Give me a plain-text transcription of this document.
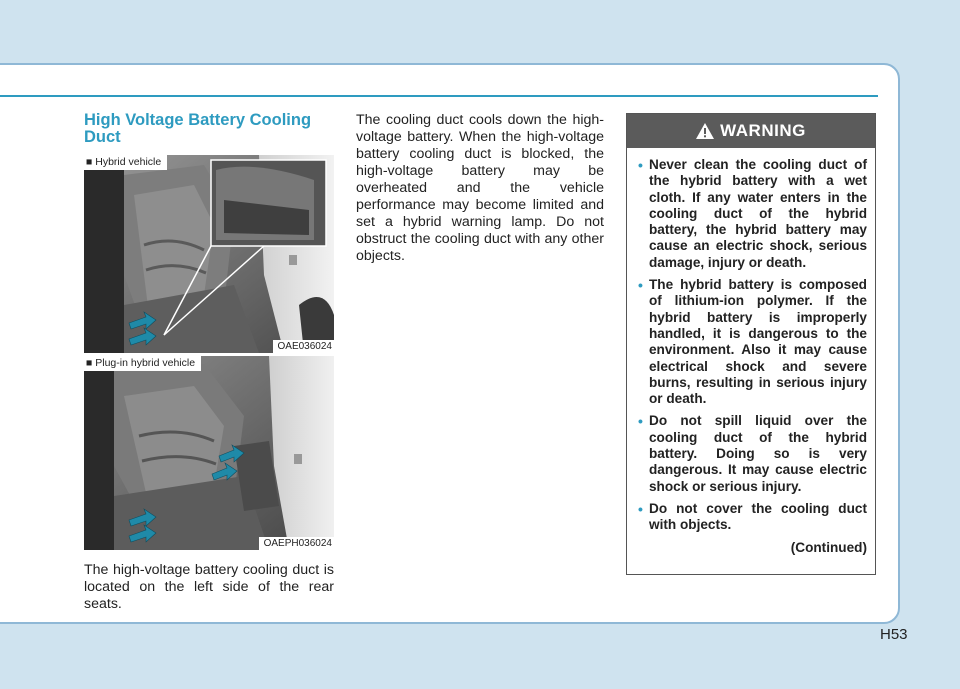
High Voltage Battery Cooling Duct
■ Hybrid vehicle
OAE036024
■ Plug-in hybrid vehicle
OAEPH036024

The high-voltage battery cooling duct is located on the left side of the rear seats.

The cooling duct cools down the high-voltage battery. When the high-voltage battery cooling duct is blocked, the high-voltage battery may be overheated and the vehicle performance may become limited and set a hybrid warning lamp. Do not obstruct the cooling duct with any other objects.

WARNING
• Never clean the cooling duct of the hybrid battery with a wet cloth. If any water enters in the cooling duct of the hybrid battery, the hybrid battery may cause an electric shock, serious damage, injury or death.
• The hybrid battery is composed of lithium-ion polymer. If the hybrid battery is improperly handled, it is dangerous to the environment. Also it may cause electrical shock and severe burns, resulting in serious injury or death.
• Do not spill liquid over the cooling duct of the hybrid battery. Doing so is very dangerous. It may cause electric shock or serious injury.
• Do not cover the cooling duct with objects.
(Continued)
H53
